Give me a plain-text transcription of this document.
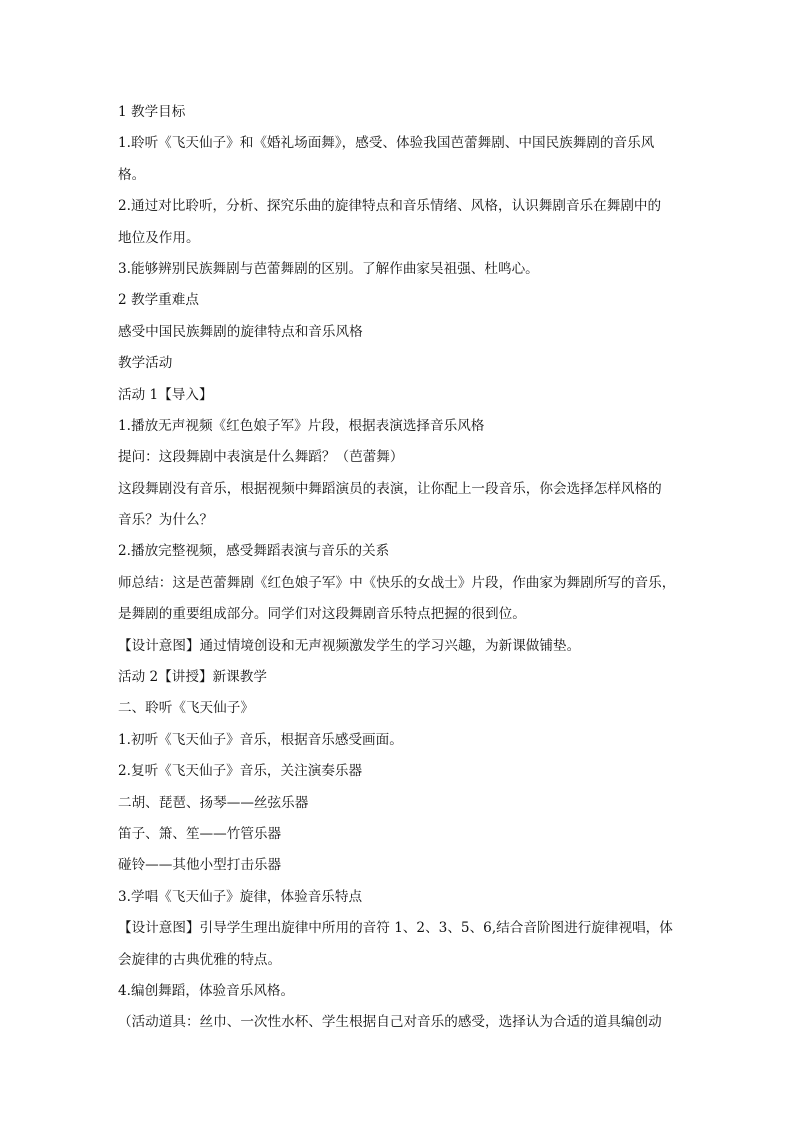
1 教学目标
1.聆听《飞天仙子》和《婚礼场面舞》，感受、体验我国芭蕾舞剧、中国民族舞剧的音乐风
格。
2.通过对比聆听，分析、探究乐曲的旋律特点和音乐情绪、风格，认识舞剧音乐在舞剧中的
地位及作用。
3.能够辨别民族舞剧与芭蕾舞剧的区别。了解作曲家吴祖强、杜鸣心。
2 教学重难点
感受中国民族舞剧的旋律特点和音乐风格
教学活动
活动 1【导入】
1.播放无声视频《红色娘子军》片段，根据表演选择音乐风格
提问：这段舞剧中表演是什么舞蹈？（芭蕾舞）
这段舞剧没有音乐，根据视频中舞蹈演员的表演，让你配上一段音乐，你会选择怎样风格的
音乐？为什么？
2.播放完整视频，感受舞蹈表演与音乐的关系
师总结：这是芭蕾舞剧《红色娘子军》中《快乐的女战士》片段，作曲家为舞剧所写的音乐，
是舞剧的重要组成部分。同学们对这段舞剧音乐特点把握的很到位。
【设计意图】通过情境创设和无声视频激发学生的学习兴趣，为新课做铺垫。
活动 2【讲授】新课教学
二、聆听《飞天仙子》
1.初听《飞天仙子》音乐，根据音乐感受画面。
2.复听《飞天仙子》音乐，关注演奏乐器
二胡、琵琶、扬琴——丝弦乐器
笛子、箫、笙——竹管乐器
碰铃——其他小型打击乐器
3.学唱《飞天仙子》旋律，体验音乐特点
【设计意图】引导学生理出旋律中所用的音符 1、2、3、5、6,结合音阶图进行旋律视唱，体
会旋律的古典优雅的特点。
4.编创舞蹈，体验音乐风格。
（活动道具：丝巾、一次性水杯、学生根据自己对音乐的感受，选择认为合适的道具编创动
